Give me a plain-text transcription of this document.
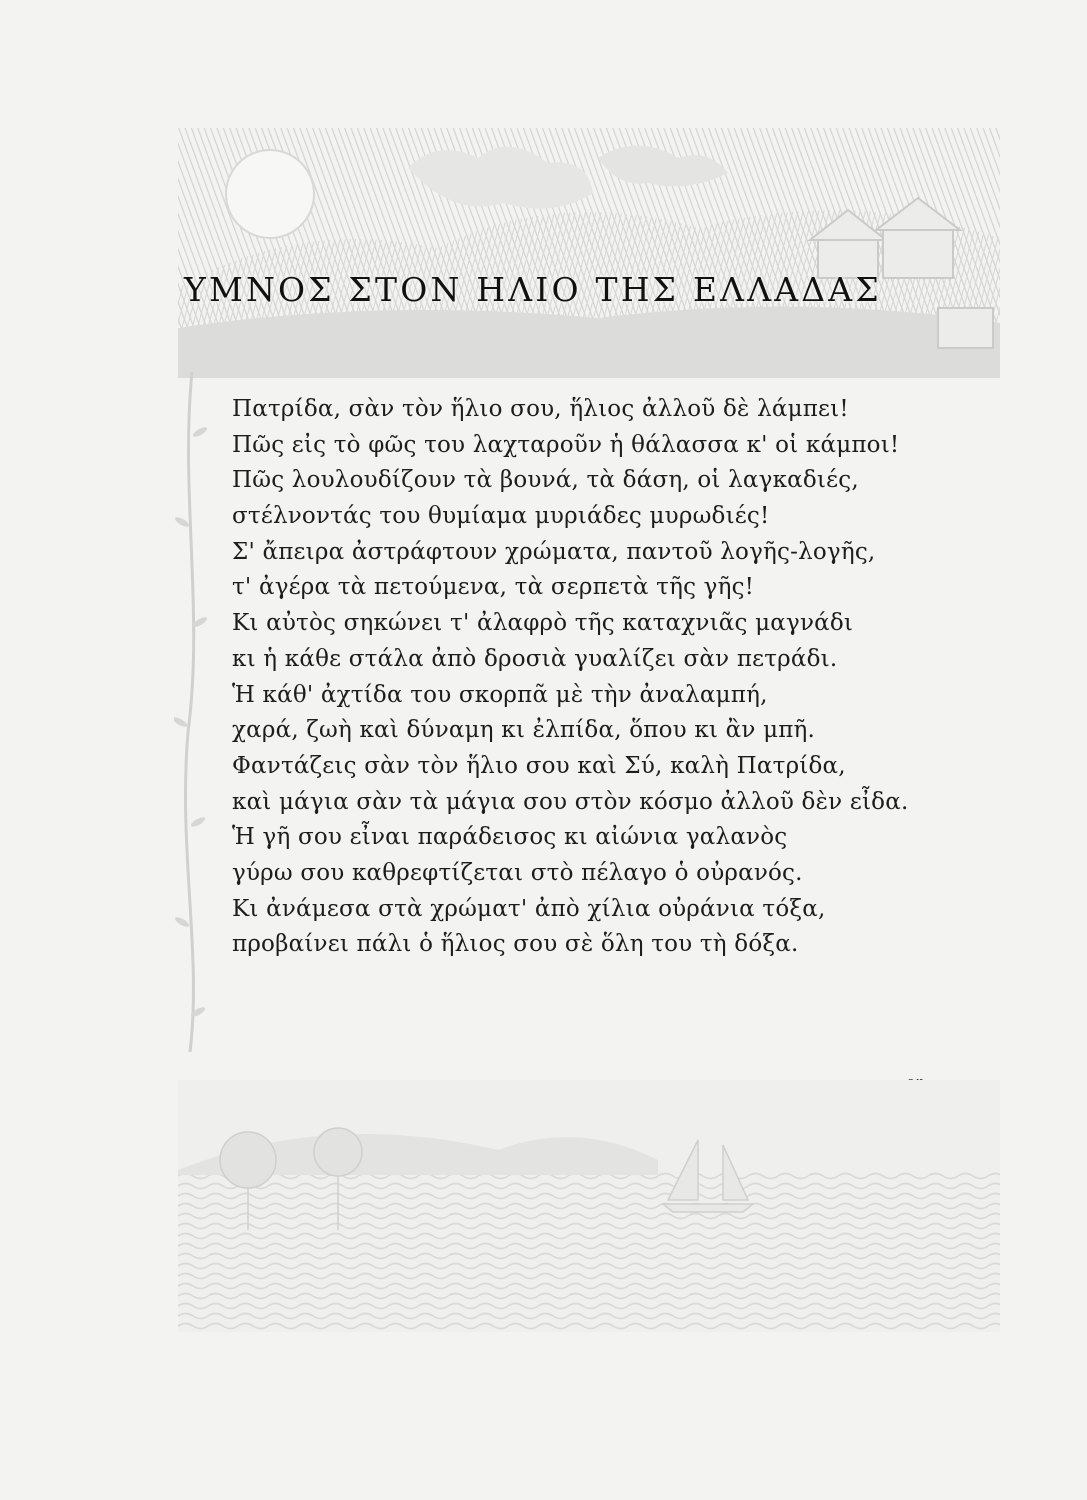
ΥΜΝΟΣ ΣΤΟΝ ΗΛΙΟ ΤΗΣ ΕΛΛΑΔΑΣ
Πατρίδα, σὰν τὸν ἥλιο σου, ἥλιος ἀλλοῦ δὲ λάμπει!
Πῶς εἰς τὸ φῶς του λαχταροῦν ἡ θάλασσα κ' οἱ κάμποι!
Πῶς λουλουδίζουν τὰ βουνά, τὰ δάση, οἱ λαγκαδιές,
στέλνοντάς του θυμίαμα μυριάδες μυρωδιές!
Σ' ἄπειρα ἀστράφτουν χρώματα, παντοῦ λογῆς-λογῆς,
τ' ἀγέρα τὰ πετούμενα, τὰ σερπετὰ τῆς γῆς!
Κι αὐτὸς σηκώνει τ' ἀλαφρὸ τῆς καταχνιᾶς μαγνάδι
κι ἡ κάθε στάλα ἀπὸ δροσιὰ γυαλίζει σὰν πετράδι.
Ἡ κάθ' ἀχτίδα του σκορπᾶ μὲ τὴν ἀναλαμπή,
χαρά, ζωὴ καὶ δύναμη κι ἐλπίδα, ὅπου κι ἂν μπῆ.
Φαντάζεις σὰν τὸν ἥλιο σου καὶ Σύ, καλὴ Πατρίδα,
καὶ μάγια σὰν τὰ μάγια σου στὸν κόσμο ἀλλοῦ δὲν εἶδα.
Ἡ γῆ σου εἶναι παράδεισος κι αἰώνια γαλανὸς
γύρω σου καθρεφτίζεται στὸ πέλαγο ὁ οὐρανός.
Κι ἀνάμεσα στὰ χρώματ' ἀπὸ χίλια οὐράνια τόξα,
προβαίνει πάλι ὁ ἥλιος σου σὲ ὅλη του τὴ δόξα.
